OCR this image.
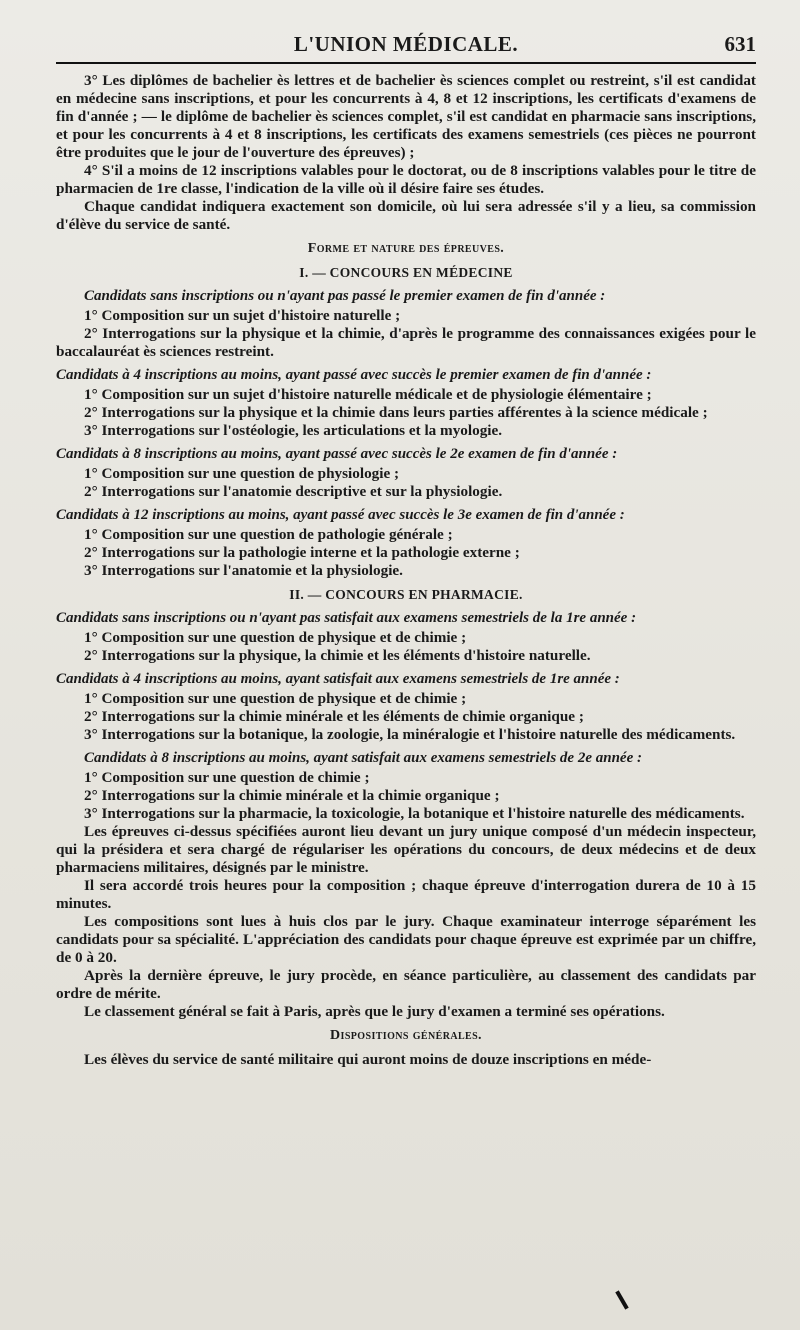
L'UNION MÉDICALE.	631

3° Les diplômes de bachelier ès lettres et de bachelier ès sciences complet ou restreint, s'il est candidat en médecine sans inscriptions, et pour les concurrents à 4, 8 et 12 inscriptions, les certificats d'examens de fin d'année ; — le diplôme de bachelier ès sciences complet, s'il est candidat en pharmacie sans inscriptions, et pour les concurrents à 4 et 8 inscriptions, les certificats des examens semestriels (ces pièces ne pourront être produites que le jour de l'ouverture des épreuves) ;

4° S'il a moins de 12 inscriptions valables pour le doctorat, ou de 8 inscriptions valables pour le titre de pharmacien de 1re classe, l'indication de la ville où il désire faire ses études.

Chaque candidat indiquera exactement son domicile, où lui sera adressée s'il y a lieu, sa commission d'élève du service de santé.

Forme et nature des épreuves.
I. — CONCOURS EN MÉDECINE
Candidats sans inscriptions ou n'ayant pas passé le premier examen de fin d'année :

1° Composition sur un sujet d'histoire naturelle ;

2° Interrogations sur la physique et la chimie, d'après le programme des connaissances exigées pour le baccalauréat ès sciences restreint.

Candidats à 4 inscriptions au moins, ayant passé avec succès le premier examen de fin d'année :

1° Composition sur un sujet d'histoire naturelle médicale et de physiologie élémentaire ;

2° Interrogations sur la physique et la chimie dans leurs parties afférentes à la science médicale ;

3° Interrogations sur l'ostéologie, les articulations et la myologie.

Candidats à 8 inscriptions au moins, ayant passé avec succès le 2e examen de fin d'année :

1° Composition sur une question de physiologie ;

2° Interrogations sur l'anatomie descriptive et sur la physiologie.

Candidats à 12 inscriptions au moins, ayant passé avec succès le 3e examen de fin d'année :

1° Composition sur une question de pathologie générale ;

2° Interrogations sur la pathologie interne et la pathologie externe ;

3° Interrogations sur l'anatomie et la physiologie.

II. — CONCOURS EN PHARMACIE.
Candidats sans inscriptions ou n'ayant pas satisfait aux examens semestriels de la 1re année :

1° Composition sur une question de physique et de chimie ;

2° Interrogations sur la physique, la chimie et les éléments d'histoire naturelle.

Candidats à 4 inscriptions au moins, ayant satisfait aux examens semestriels de 1re année :

1° Composition sur une question de physique et de chimie ;

2° Interrogations sur la chimie minérale et les éléments de chimie organique ;

3° Interrogations sur la botanique, la zoologie, la minéralogie et l'histoire naturelle des médicaments.

Candidats à 8 inscriptions au moins, ayant satisfait aux examens semestriels de 2e année :

1° Composition sur une question de chimie ;

2° Interrogations sur la chimie minérale et la chimie organique ;

3° Interrogations sur la pharmacie, la toxicologie, la botanique et l'histoire naturelle des médicaments.

Les épreuves ci-dessus spécifiées auront lieu devant un jury unique composé d'un médecin inspecteur, qui la présidera et sera chargé de régulariser les opérations du concours, de deux médecins et de deux pharmaciens militaires, désignés par le ministre.

Il sera accordé trois heures pour la composition ; chaque épreuve d'interrogation durera de 10 à 15 minutes.

Les compositions sont lues à huis clos par le jury. Chaque examinateur interroge séparément les candidats pour sa spécialité. L'appréciation des candidats pour chaque épreuve est exprimée par un chiffre, de 0 à 20.

Après la dernière épreuve, le jury procède, en séance particulière, au classement des candidats par ordre de mérite.

Le classement général se fait à Paris, après que le jury d'examen a terminé ses opérations.

Dispositions générales.

Les élèves du service de santé militaire qui auront moins de douze inscriptions en méde-
